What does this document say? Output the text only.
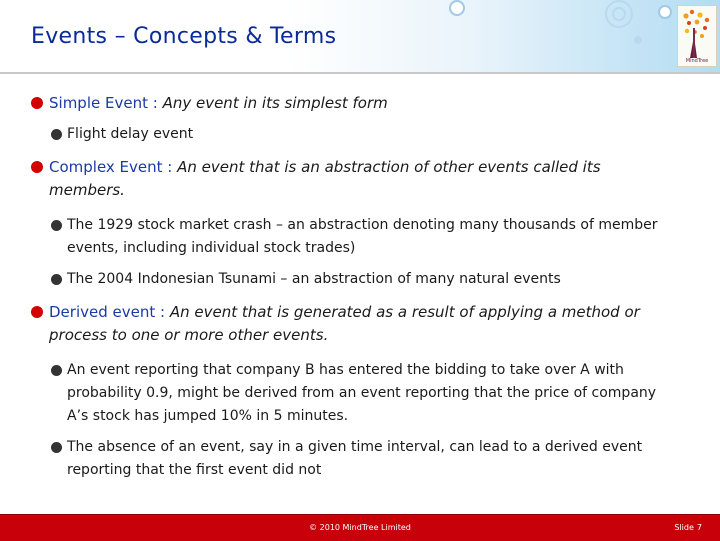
Events – Concepts & Terms
MindTree
Simple Event : Any event in its simplest form
Flight delay event
Complex Event : An event that is an abstraction of other events called its members.
The 1929 stock market crash – an abstraction denoting many thousands of member events, including individual stock trades)
The 2004 Indonesian Tsunami – an abstraction of many natural events
Derived event : An event that is generated as a result of applying a method or process to one or more other events.
An event reporting that company B has entered the bidding to take over A with probability 0.9, might be derived from an event reporting that the price of company A’s stock has jumped 10% in 5 minutes.
The absence of an event, say in a given time interval, can lead to a derived event reporting that the first event did not
© 2010 MindTree Limited	Slide 7
